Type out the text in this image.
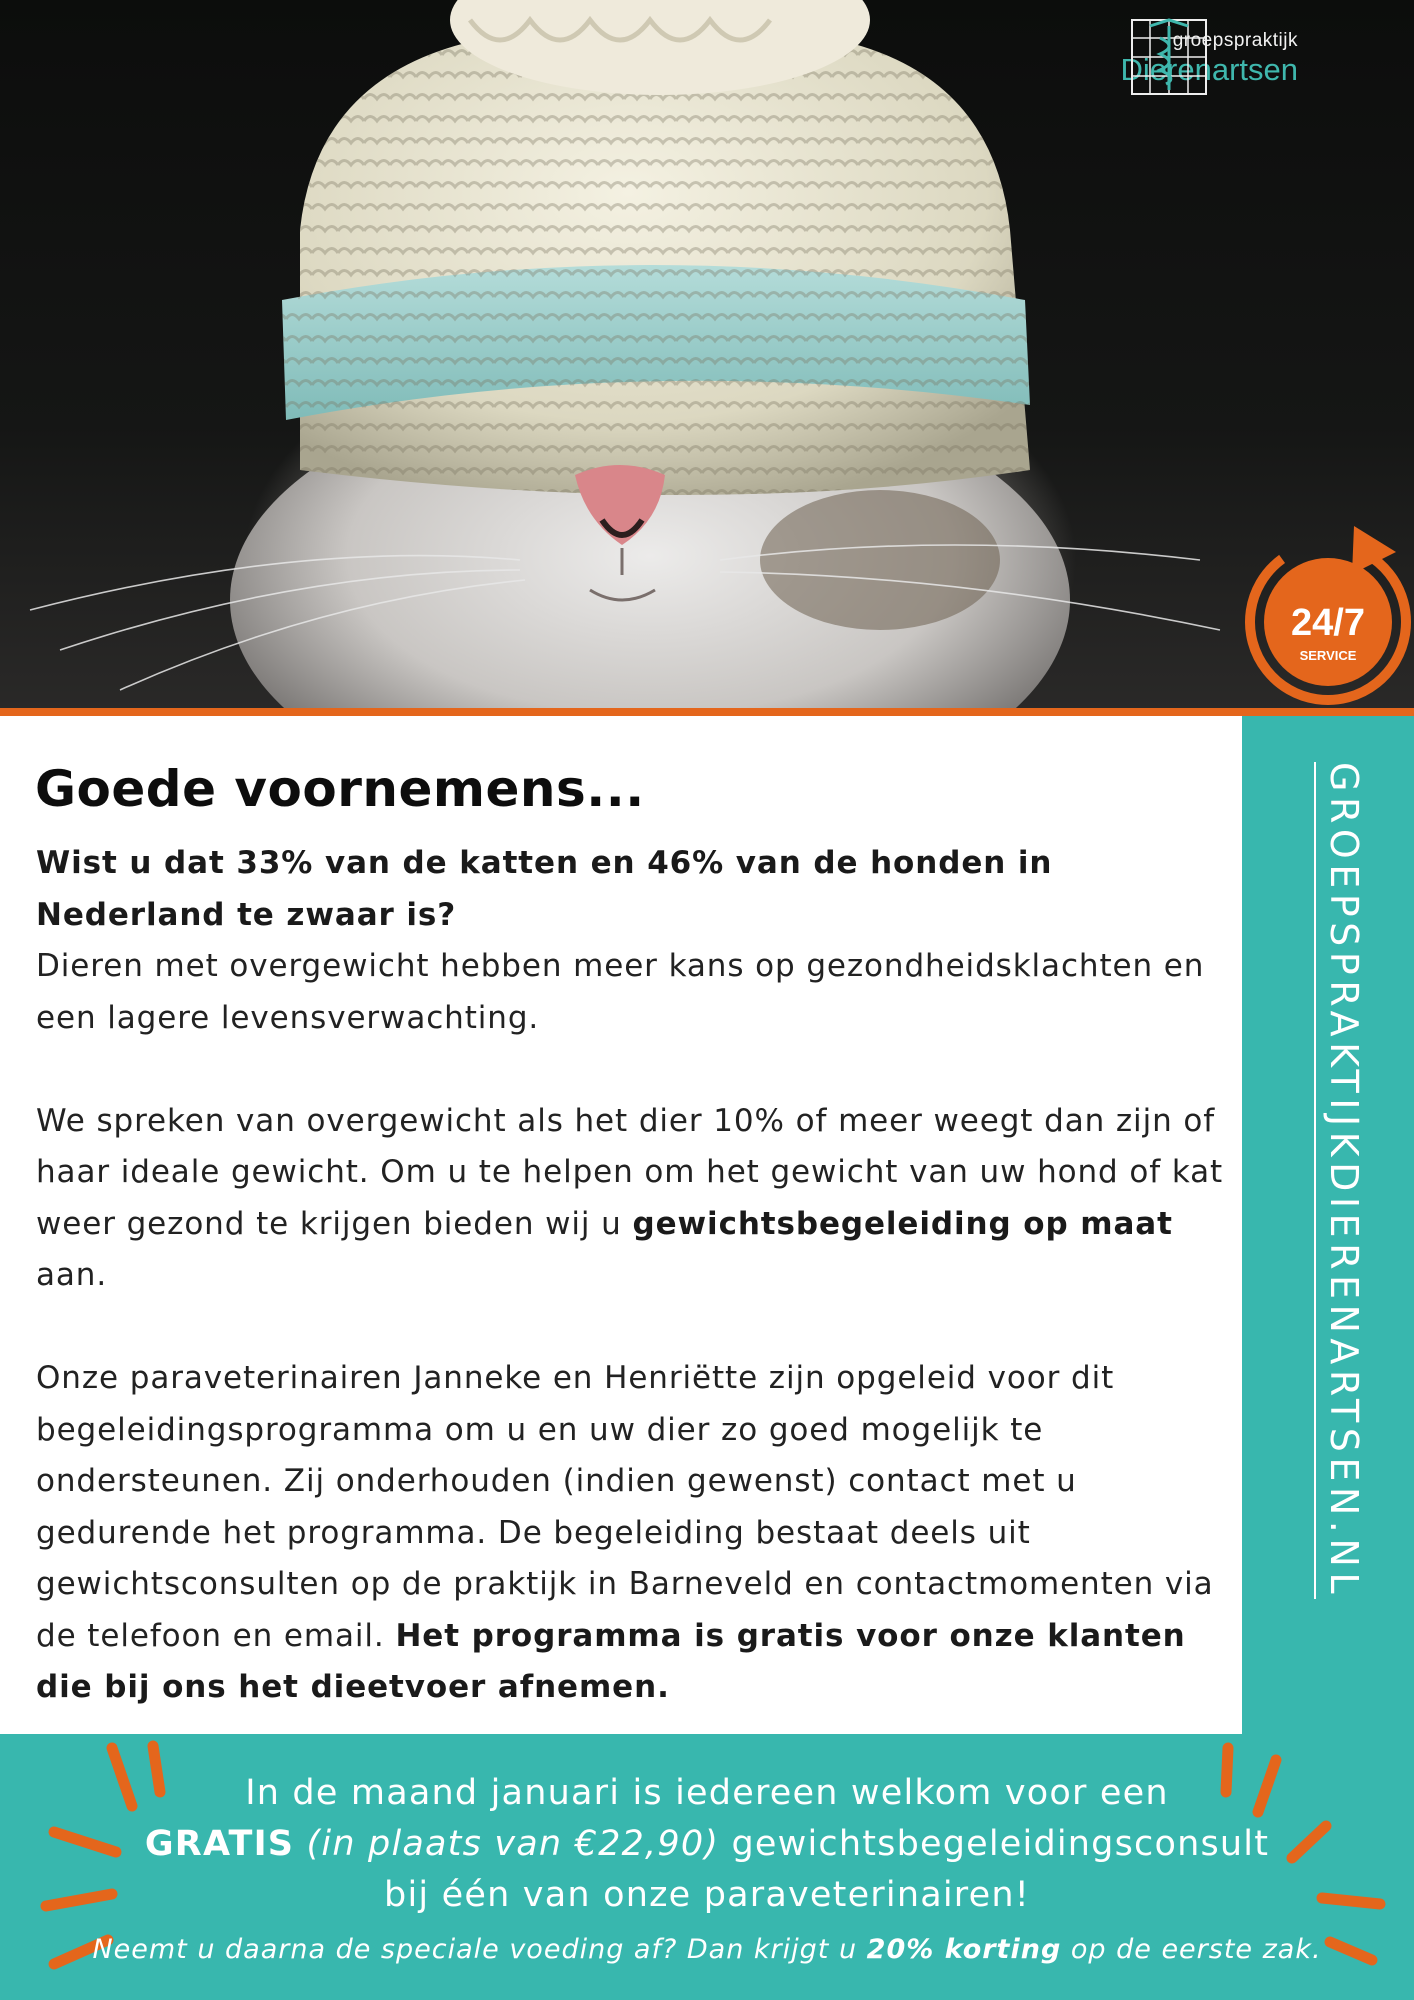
groepspraktijk
Dierenartsen
24/7
SERVICE
GROEPSPRAKTIJKDIERENARTSEN.NL
Goede voornemens...
Wist u dat 33% van de katten en 46% van de honden in Nederland te zwaar is?
Dieren met overgewicht hebben meer kans op gezondheidsklachten en een lagere levensverwachting.
We spreken van overgewicht als het dier 10% of meer weegt dan zijn of haar ideale gewicht. Om u te helpen om het gewicht van uw hond of kat weer gezond te krijgen bieden wij u gewichtsbegeleiding op maat aan.
Onze paraveterinairen Janneke en Henriëtte zijn opgeleid voor dit begeleidingsprogramma om u en uw dier zo goed mogelijk te ondersteunen. Zij onderhouden (indien gewenst) contact met u gedurende het programma. De begeleiding bestaat deels uit gewichtsconsulten op de praktijk in Barneveld en contactmomenten via de telefoon en email. Het programma is gratis voor onze klanten die bij ons het dieetvoer afnemen.
In de maand januari is iedereen welkom voor een
GRATIS (in plaats van €22,90) gewichtsbegeleidingsconsult
bij één van onze paraveterinairen!
Neemt u daarna de speciale voeding af? Dan krijgt u 20% korting op de eerste zak.
